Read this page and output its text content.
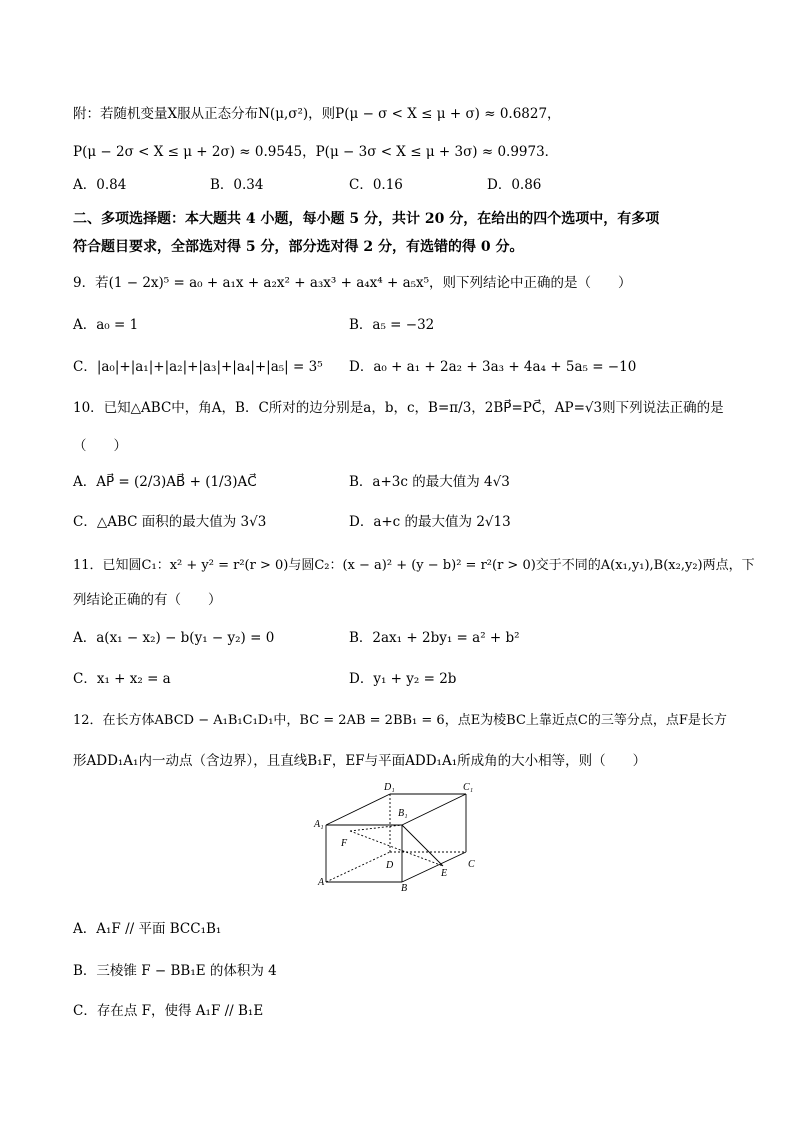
附：若随机变量X服从正态分布N(μ,σ²)，则P(μ − σ < X ≤ μ + σ) ≈ 0.6827，
P(μ − 2σ < X ≤ μ + 2σ) ≈ 0.9545，P(μ − 3σ < X ≤ μ + 3σ) ≈ 0.9973．
A．0.84	B．0.34	C．0.16	D．0.86
二、多项选择题：本大题共 4 小题，每小题 5 分，共计 20 分，在给出的四个选项中，有多项
符合题目要求，全部选对得 5 分，部分选对得 2 分，有选错的得 0 分。
9．若(1 − 2x)⁵ = a₀ + a₁x + a₂x² + a₃x³ + a₄x⁴ + a₅x⁵，则下列结论中正确的是（　　）
A．a₀ = 1	B．a₅ = −32
C．|a₀|+|a₁|+|a₂|+|a₃|+|a₄|+|a₅| = 3⁵ D．a₀ + a₁ + 2a₂ + 3a₃ + 4a₄ + 5a₅ = −10
10．已知△ABC中，角A，B．C所对的边分别是a，b，c，B=π/3，2BP⃗=PC⃗，AP=√3则下列说法正确的是
（　　）
A．AP⃗ = (2/3)AB⃗ + (1/3)AC⃗	B．a+3c 的最大值为 4√3
C．△ABC 面积的最大值为 3√3	D．a+c 的最大值为 2√13
11．已知圆C₁：x² + y² = r²(r > 0)与圆C₂：(x − a)² + (y − b)² = r²(r > 0)交于不同的A(x₁,y₁),B(x₂,y₂)两点，下
列结论正确的有（　　）
A．a(x₁ − x₂) − b(y₁ − y₂) = 0	B．2ax₁ + 2by₁ = a² + b²
C．x₁ + x₂ = a	D．y₁ + y₂ = 2b
12．在长方体ABCD − A₁B₁C₁D₁中，BC = 2AB = 2BB₁ = 6，点E为棱BC上靠近点C的三等分点，点F是长方
形ADD₁A₁内一动点（含边界），且直线B₁F，EF与平面ADD₁A₁所成角的大小相等，则（　　）
D₁	C₁
A₁
B₁
F
D	C
A
B
E
A．A₁F // 平面 BCC₁B₁
B．三棱锥 F − BB₁E 的体积为 4
C．存在点 F，使得 A₁F // B₁E
